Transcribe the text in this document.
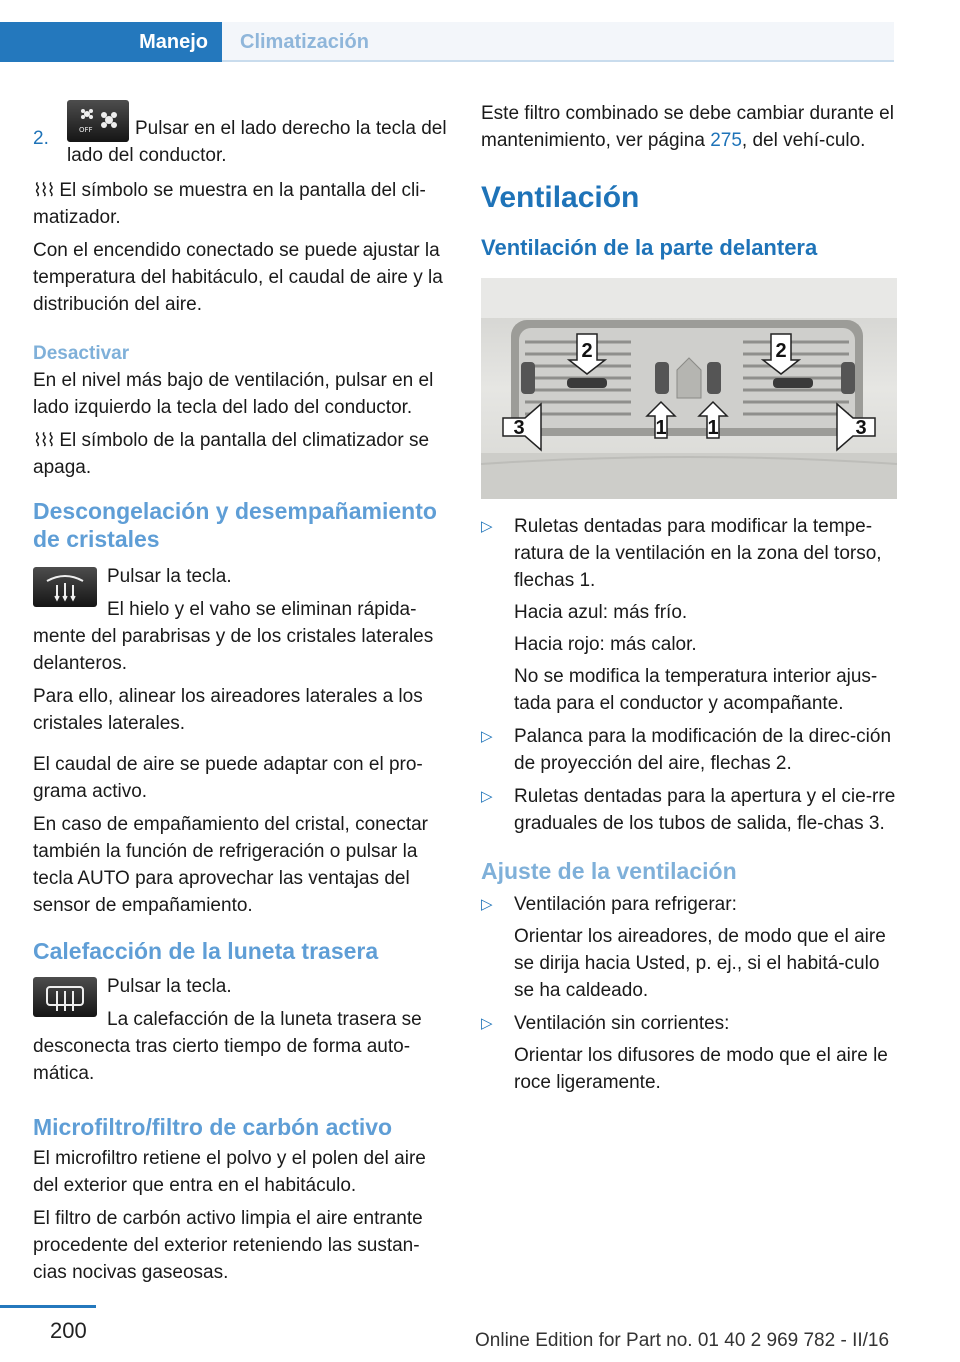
Manejo	Climatización
2.	OFF Pulsar en el lado derecho la tecla del lado del conductor.

⌇⌇⌇ El símbolo se muestra en la pantalla del cli-matizador.

Con el encendido conectado se puede ajustar la temperatura del habitáculo, el caudal de aire y la distribución del aire.

Desactivar

En el nivel más bajo de ventilación, pulsar en el lado izquierdo la tecla del lado del conductor.

⌇⌇⌇ El símbolo de la pantalla del climatizador se apaga.

Descongelación y desempañamiento de cristales

Pulsar la tecla.

El hielo y el vaho se eliminan rápida-

mente del parabrisas y de los cristales laterales delanteros.

Para ello, alinear los aireadores laterales a los cristales laterales.

El caudal de aire se puede adaptar con el pro-grama activo.

En caso de empañamiento del cristal, conectar también la función de refrigeración o pulsar la tecla AUTO para aprovechar las ventajas del sensor de empañamiento.

Calefacción de la luneta trasera

Pulsar la tecla.

La calefacción de la luneta trasera se

desconecta tras cierto tiempo de forma auto-mática.

Microfiltro/filtro de carbón activo

El microfiltro retiene el polvo y el polen del aire del exterior que entra en el habitáculo.

El filtro de carbón activo limpia el aire entrante procedente del exterior reteniendo las sustan-cias nocivas gaseosas.

Este filtro combinado se debe cambiar durante el mantenimiento, ver página 275, del vehí-culo.

Ventilación
Ventilación de la parte delantera
2	2
3	1 1	3
▷ Ruletas dentadas para modificar la tempe-ratura de la ventilación en la zona del torso, flechas 1.
Hacia azul: más frío.
Hacia rojo: más calor.
No se modifica la temperatura interior ajus-tada para el conductor y acompañante.
▷ Palanca para la modificación de la direc-ción de proyección del aire, flechas 2.
▷ Ruletas dentadas para la apertura y el cie-rre graduales de los tubos de salida, fle-chas 3.
Ajuste de la ventilación
▷ Ventilación para refrigerar:
Orientar los aireadores, de modo que el aire se dirija hacia Usted, p. ej., si el habitá-culo se ha caldeado.
▷ Ventilación sin corrientes:
Orientar los difusores de modo que el aire le roce ligeramente.
200	Online Edition for Part no. 01 40 2 969 782 - II/16
